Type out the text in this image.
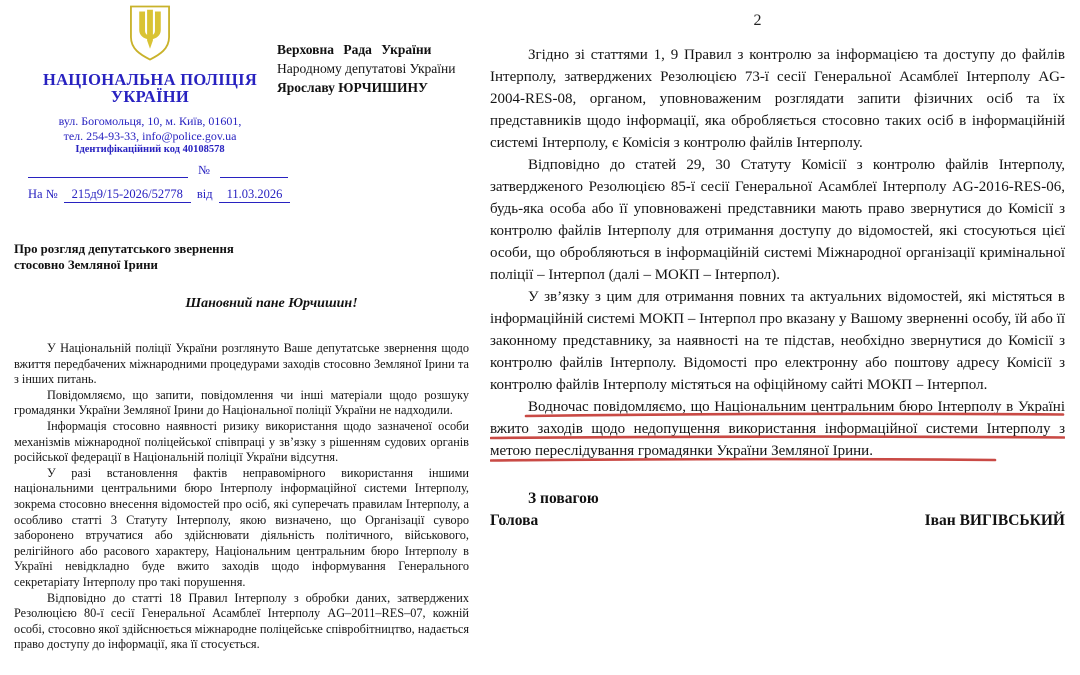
НАЦІОНАЛЬНА ПОЛІЦІЯ
УКРАЇНИ
вул. Богомольця, 10, м. Київ, 01601,
тел. 254-93-33, info@police.gov.ua
Ідентифікаційний код 40108578
Верховна Рада України
Народному депутатові України
Ярославу ЮРЧИШИНУ
№
На № 215д9/15-2026/52778 від 11.03.2026
Про розгляд депутатського звернення
стосовно Земляної Ірини
Шановний пане Юрчишин!

У Національній поліції України розглянуто Ваше депутатське звернення щодо вжиття передбачених міжнародними процедурами заходів стосовно Земляної Ірини та з інших питань.

Повідомляємо, що запити, повідомлення чи інші матеріали щодо розшуку громадянки України Земляної Ірини до Національної поліції України не надходили.

Інформація стосовно наявності ризику використання щодо зазначеної особи механізмів міжнародної поліцейської співпраці у зв’язку з рішенням судових органів російської федерації в Національній поліції України відсутня.

У разі встановлення фактів неправомірного використання іншими національними центральними бюро Інтерполу інформаційної системи Інтерполу, зокрема стосовно внесення відомостей про осіб, які суперечать правилам Інтерполу, а особливо статті 3 Статуту Інтерполу, якою визначено, що Організації суворо заборонено втручатися або здійснювати діяльність політичного, військового, релігійного або расового характеру, Національним центральним бюро Інтерполу в Україні невідкладно буде вжито заходів щодо інформування Генерального секретаріату Інтерполу про такі порушення.

Відповідно до статті 18 Правил Інтерполу з обробки даних, затверджених Резолюцією 80-ї сесії Генеральної Асамблеї Інтерполу AG–2011–RES–07, кожній особі, стосовно якої здійснюється міжнародне поліцейське співробітництво, надається право доступу до інформації, яка її стосується.

2

Згідно зі статтями 1, 9 Правил з контролю за інформацією та доступу до файлів Інтерполу, затверджених Резолюцією 73-ї сесії Генеральної Асамблеї Інтерполу AG-2004-RES-08, органом, уповноваженим розглядати запити фізичних осіб та їх представників щодо інформації, яка обробляється стосовно таких осіб в інформаційній системі Інтерполу, є Комісія з контролю файлів Інтерполу.

Відповідно до статей 29, 30 Статуту Комісії з контролю файлів Інтерполу, затвердженого Резолюцією 85-ї сесії Генеральної Асамблеї Інтерполу AG-2016-RES-06, будь-яка особа або її уповноважені представники мають право звернутися до Комісії з контролю файлів Інтерполу для отримання доступу до відомостей, які стосуються цієї особи, що обробляються в інформаційній системі Міжнародної організації кримінальної поліції – Інтерпол (далі – МОКП – Інтерпол).

У зв’язку з цим для отримання повних та актуальних відомостей, які містяться в інформаційній системі МОКП – Інтерпол про вказану у Вашому зверненні особу, їй або її законному представнику, за наявності на те підстав, необхідно звернутися до Комісії з контролю файлів Інтерполу. Відомості про електронну або поштову адресу Комісії з контролю файлів Інтерполу містяться на офіційному сайті МОКП – Інтерпол.

Водночас повідомляємо, що Національним центральним бюро Інтерполу в Україні вжито заходів щодо недопущення використання інформаційної системи Інтерполу з метою переслідування громадянки України Земляної Ірини.

З повагою
Голова	Іван ВИГІВСЬКИЙ
